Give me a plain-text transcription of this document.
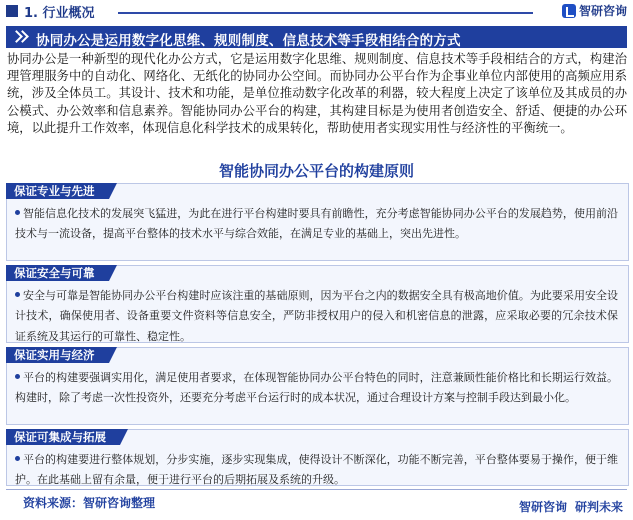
1. 行业概况	智研咨询
协同办公是运用数字化思维、规则制度、信息技术等手段相结合的方式
协同办公是一种新型的现代化办公方式，它是运用数字化思维、规则制度、信息技术等手段相结合的方式，构建治理管理服务中的自动化、网络化、无纸化的协同办公空间。而协同办公平台作为企事业单位内部使用的高频应用系统，涉及全体员工。其设计、技术和功能，是单位推动数字化改革的利器，较大程度上决定了该单位及其成员的办公模式、办公效率和信息素养。智能协同办公平台的构建，其构建目标是为使用者创造安全、舒适、便捷的办公环境，以此提升工作效率，体现信息化科学技术的成果转化，帮助使用者实现实用性与经济性的平衡统一。
智能协同办公平台的构建原则
保证专业与先进
智能信息化技术的发展突飞猛进，为此在进行平台构建时要具有前瞻性，充分考虑智能协同办公平台的发展趋势，使用前沿技术与一流设备，提高平台整体的技术水平与综合效能，在满足专业的基础上，突出先进性。
保证安全与可靠
安全与可靠是智能协同办公平台构建时应该注重的基础原则，因为平台之内的数据安全具有极高地价值。为此要采用安全设计技术，确保使用者、设备重要文件资料等信息安全，严防非授权用户的侵入和机密信息的泄露，应采取必要的冗余技术保证系统及其运行的可靠性、稳定性。
保证实用与经济
平台的构建要强调实用化，满足使用者要求，在体现智能协同办公平台特色的同时，注意兼顾性能价格比和长期运行效益。构建时，除了考虑一次性投资外，还要充分考虑平台运行时的成本状况，通过合理设计方案与控制手段达到最小化。
保证可集成与拓展
平台的构建要进行整体规划，分步实施，逐步实现集成，使得设计不断深化，功能不断完善，平台整体要易于操作，便于维护。在此基础上留有余量，便于进行平台的后期拓展及系统的升级。
资料来源：智研咨询整理	智研咨询 研判未来
